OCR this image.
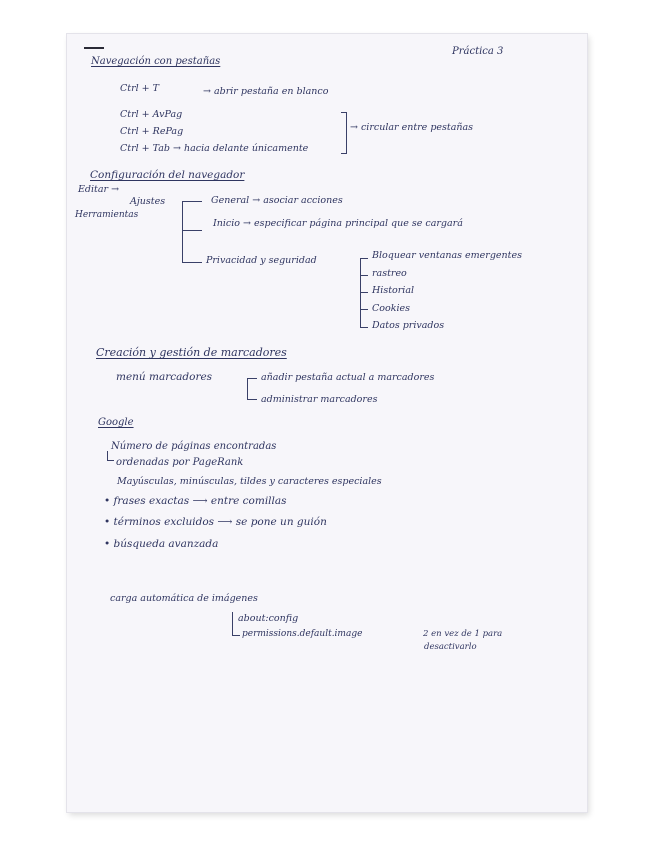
Práctica 3
Navegación con pestañas
Ctrl + T	→ abrir pestaña en blanco
Ctrl + AvPag
Ctrl + RePag
Ctrl + Tab → hacia delante únicamente
→ circular entre pestañas
Configuración del navegador
Editar →
Ajustes
Herramientas
General → asociar acciones
Inicio → especificar página principal que se cargará
Privacidad y seguridad	Bloquear ventanas emergentes
rastreo
Historial
Cookies
Datos privados
Creación y gestión de marcadores
menú marcadores	añadir pestaña actual a marcadores
administrar marcadores
Google
Número de páginas encontradas
ordenadas por PageRank
Mayúsculas, minúsculas, tildes y caracteres especiales
• frases exactas ⟶ entre comillas
• términos excluidos ⟶ se pone un guión
• búsqueda avanzada
carga automática de imágenes
about:config
permissions.default.image	2 en vez de 1 para
desactivarlo
